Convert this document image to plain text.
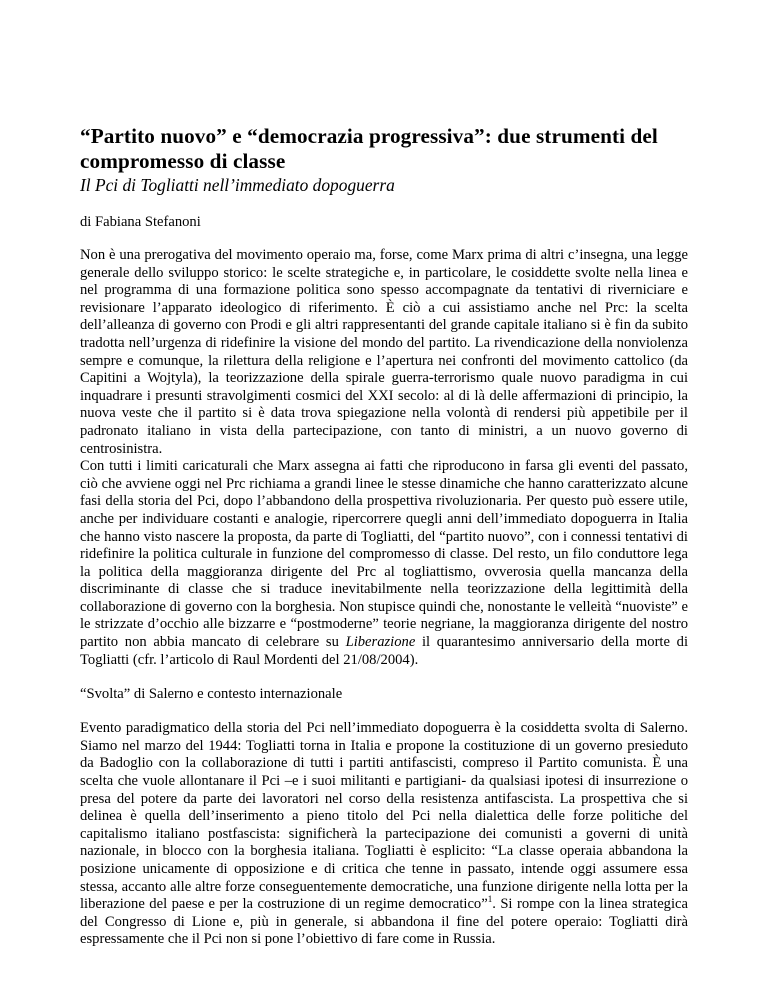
“Partito nuovo” e “democrazia progressiva”: due strumenti del compromesso di classe

Il Pci di Togliatti nell’immediato dopoguerra

di Fabiana Stefanoni

Non è una prerogativa del movimento operaio ma, forse, come Marx prima di altri c’insegna, una legge generale dello sviluppo storico: le scelte strategiche e, in particolare, le cosiddette svolte nella linea e nel programma di una formazione politica sono spesso accompagnate da tentativi di riverniciare e revisionare l’apparato ideologico di riferimento. È ciò a cui assistiamo anche nel Prc: la scelta dell’alleanza di governo con Prodi e gli altri rappresentanti del grande capitale italiano si è fin da subito tradotta nell’urgenza di ridefinire la visione del mondo del partito. La rivendicazione della nonviolenza sempre e comunque, la rilettura della religione e l’apertura nei confronti del movimento cattolico (da Capitini a Wojtyla), la teorizzazione della spirale guerra-terrorismo quale nuovo paradigma in cui inquadrare i presunti stravolgimenti cosmici del XXI secolo: al di là delle affermazioni di principio, la nuova veste che il partito si è data trova spiegazione nella volontà di rendersi più appetibile per il padronato italiano in vista della partecipazione, con tanto di ministri, a un nuovo governo di centrosinistra.

Con tutti i limiti caricaturali che Marx assegna ai fatti che riproducono in farsa gli eventi del passato, ciò che avviene oggi nel Prc richiama a grandi linee le stesse dinamiche che hanno caratterizzato alcune fasi della storia del Pci, dopo l’abbandono della prospettiva rivoluzionaria. Per questo può essere utile, anche per individuare costanti e analogie, ripercorrere quegli anni dell’immediato dopoguerra in Italia che hanno visto nascere la proposta, da parte di Togliatti, del “partito nuovo”, con i connessi tentativi di ridefinire la politica culturale in funzione del compromesso di classe. Del resto, un filo conduttore lega la politica della maggioranza dirigente del Prc al togliattismo, ovverosia quella mancanza della discriminante di classe che si traduce inevitabilmente nella teorizzazione della legittimità della collaborazione di governo con la borghesia. Non stupisce quindi che, nonostante le velleità “nuoviste” e le strizzate d’occhio alle bizzarre e “postmoderne” teorie negriane, la maggioranza dirigente del nostro partito non abbia mancato di celebrare su Liberazione il quarantesimo anniversario della morte di Togliatti (cfr. l’articolo di Raul Mordenti del 21/08/2004).

“Svolta” di Salerno e contesto internazionale

Evento paradigmatico della storia del Pci nell’immediato dopoguerra è la cosiddetta svolta di Salerno. Siamo nel marzo del 1944: Togliatti torna in Italia e propone la costituzione di un governo presieduto da Badoglio con la collaborazione di tutti i partiti antifascisti, compreso il Partito comunista. È una scelta che vuole allontanare il Pci –e i suoi militanti e partigiani- da qualsiasi ipotesi di insurrezione o presa del potere da parte dei lavoratori nel corso della resistenza antifascista. La prospettiva che si delinea è quella dell’inserimento a pieno titolo del Pci nella dialettica delle forze politiche del capitalismo italiano postfascista: significherà la partecipazione dei comunisti a governi di unità nazionale, in blocco con la borghesia italiana. Togliatti è esplicito: “La classe operaia abbandona la posizione unicamente di opposizione e di critica che tenne in passato, intende oggi assumere essa stessa, accanto alle altre forze conseguentemente democratiche, una funzione dirigente nella lotta per la liberazione del paese e per la costruzione di un regime democratico”$^1$. Si rompe con la linea strategica del Congresso di Lione e, più in generale, si abbandona il fine del potere operaio: Togliatti dirà espressamente che il Pci non si pone l’obiettivo di fare come in Russia.
